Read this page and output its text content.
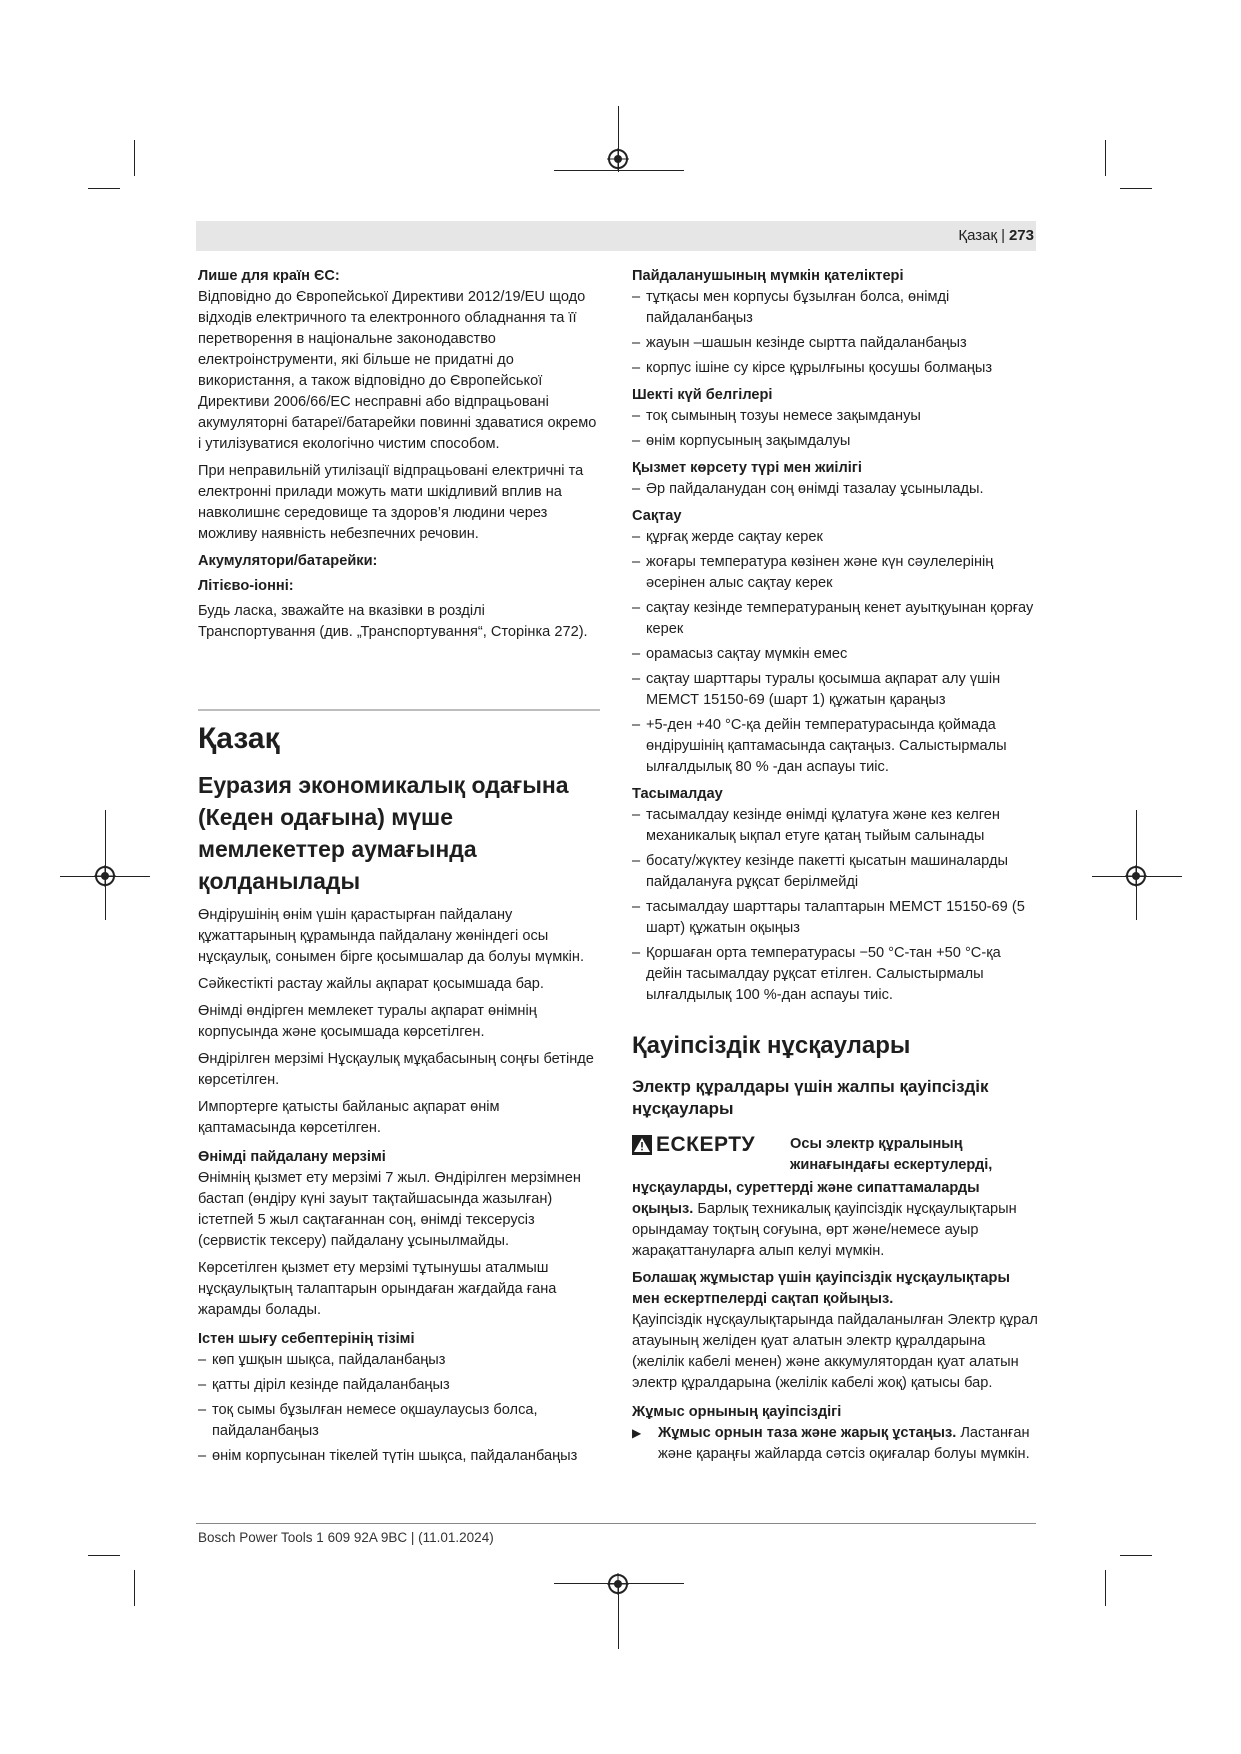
Қазақ | 273
Лише для країн ЄС:

Відповідно до Європейської Директиви 2012/19/EU щодо відходів електричного та електронного обладнання та її перетворення в національне законодавство електроінструменти, які більше не придатні до використання, а також відповідно до Європейської Директиви 2006/66/EC несправні або відпрацьовані акумуляторні батареї/батарейки повинні здаватися окремо і утилізуватися екологічно чистим способом.

При неправильній утилізації відпрацьовані електричні та електронні прилади можуть мати шкідливий вплив на навколишнє середовище та здоров’я людини через можливу наявність небезпечних речовин.

Акумулятори/батарейки:
Літієво-іонні:

Будь ласка, зважайте на вказівки в розділі Транспортування (див. „Транспортування“, Сторінка 272).

Қазақ
Еуразия экономикалық одағына (Кеден одағына) мүше мемлекеттер аумағында қолданылады

Өндірушінің өнім үшін қарастырған пайдалану құжаттарының құрамында пайдалану жөніндегі осы нұсқаулық, сонымен бірге қосымшалар да болуы мүмкін.

Сәйкестікті растау жайлы ақпарат қосымшада бар.

Өнімді өндірген мемлекет туралы ақпарат өнімнің корпусында және қосымшада көрсетілген.

Өндірілген мерзімі Нұсқаулық мұқабасының соңғы бетінде көрсетілген.

Импортерге қатысты байланыс ақпарат өнім қаптамасында көрсетілген.

Өнімді пайдалану мерзімі

Өнімнің қызмет ету мерзімі 7 жыл. Өндірілген мерзімнен бастап (өндіру күні зауыт тақтайшасында жазылған) істетпей 5 жыл сақтағаннан соң, өнімді тексерусіз (сервистік тексеру) пайдалану ұсынылмайды.

Көрсетілген қызмет ету мерзімі тұтынушы аталмыш нұсқаулықтың талаптарын орындаған жағдайда ғана жарамды болады.

Істен шығу себептерінің тізімі
– көп ұшқын шықса, пайдаланбаңыз
– қатты діріл кезінде пайдаланбаңыз
– тоқ сымы бұзылған немесе оқшаулаусыз болса, пайдаланбаңыз
– өнім корпусынан тікелей түтін шықса, пайдаланбаңыз
Пайдаланушының мүмкін қателіктері
– тұтқасы мен корпусы бұзылған болса, өнімді пайдаланбаңыз
– жауын –шашын кезінде сыртта пайдаланбаңыз
– корпус ішіне су кірсе құрылғыны қосушы болмаңыз
Шекті күй белгілері
– тоқ сымының тозуы немесе зақымдануы
– өнім корпусының зақымдалуы
Қызмет көрсету түрі мен жиілігі
– Әр пайдаланудан соң өнімді тазалау ұсынылады.
Сақтау
– құрғақ жерде сақтау керек
– жоғары температура көзінен және күн сәулелерінің әсерінен алыс сақтау керек
– сақтау кезінде температураның кенет ауытқуынан қорғау керек
– орамасыз сақтау мүмкін емес
– сақтау шарттары туралы қосымша ақпарат алу үшін МЕМСТ 15150-69 (шарт 1) құжатын қараңыз
– +5-ден +40 °C-қа дейін температурасында қоймада өндірушінің қаптамасында сақтаңыз. Салыстырмалы ылғалдылық 80 % -дан аспауы тиіс.
Тасымалдау
– тасымалдау кезінде өнімді құлатуға және кез келген механикалық ықпал етуге қатаң тыйым салынады
– босату/жүктеу кезінде пакетті қысатын машиналарды пайдалануға рұқсат берілмейді
– тасымалдау шарттары талаптарын МЕМСТ 15150-69 (5 шарт) құжатын оқыңыз
– Қоршаған орта температурасы −50 °C-тан +50 °C-қа дейін тасымалдау рұқсат етілген. Салыстырмалы ылғалдылық 100 %-дан аспауы тиіс.
Қауіпсіздік нұсқаулары
Электр құралдары үшін жалпы қауіпсіздік нұсқаулары
ЕСКЕРТУ Осы электр құралының жинағындағы ескертулерді,

нұсқауларды, суреттерді және сипаттамаларды оқыңыз. Барлық техникалық қауіпсіздік нұсқаулықтарын орындамау тоқтың соғуына, өрт және/немесе ауыр жарақаттануларға алып келуі мүмкін.

Болашақ жұмыстар үшін қауіпсіздік нұсқаулықтары мен ескертпелерді сақтап қойыңыз.

Қауіпсіздік нұсқаулықтарында пайдаланылған Электр құрал атауының желіден қуат алатын электр құралдарына (желілік кабелі менен) және аккумулятордан қуат алатын электр құралдарына (желілік кабелі жоқ) қатысы бар.

Жұмыс орнының қауіпсіздігі

▶ Жұмыс орнын таза және жарық ұстаңыз. Ластанған және қараңғы жайларда сәтсіз оқиғалар болуы мүмкін.

Bosch Power Tools 1 609 92A 9BC | (11.01.2024)
